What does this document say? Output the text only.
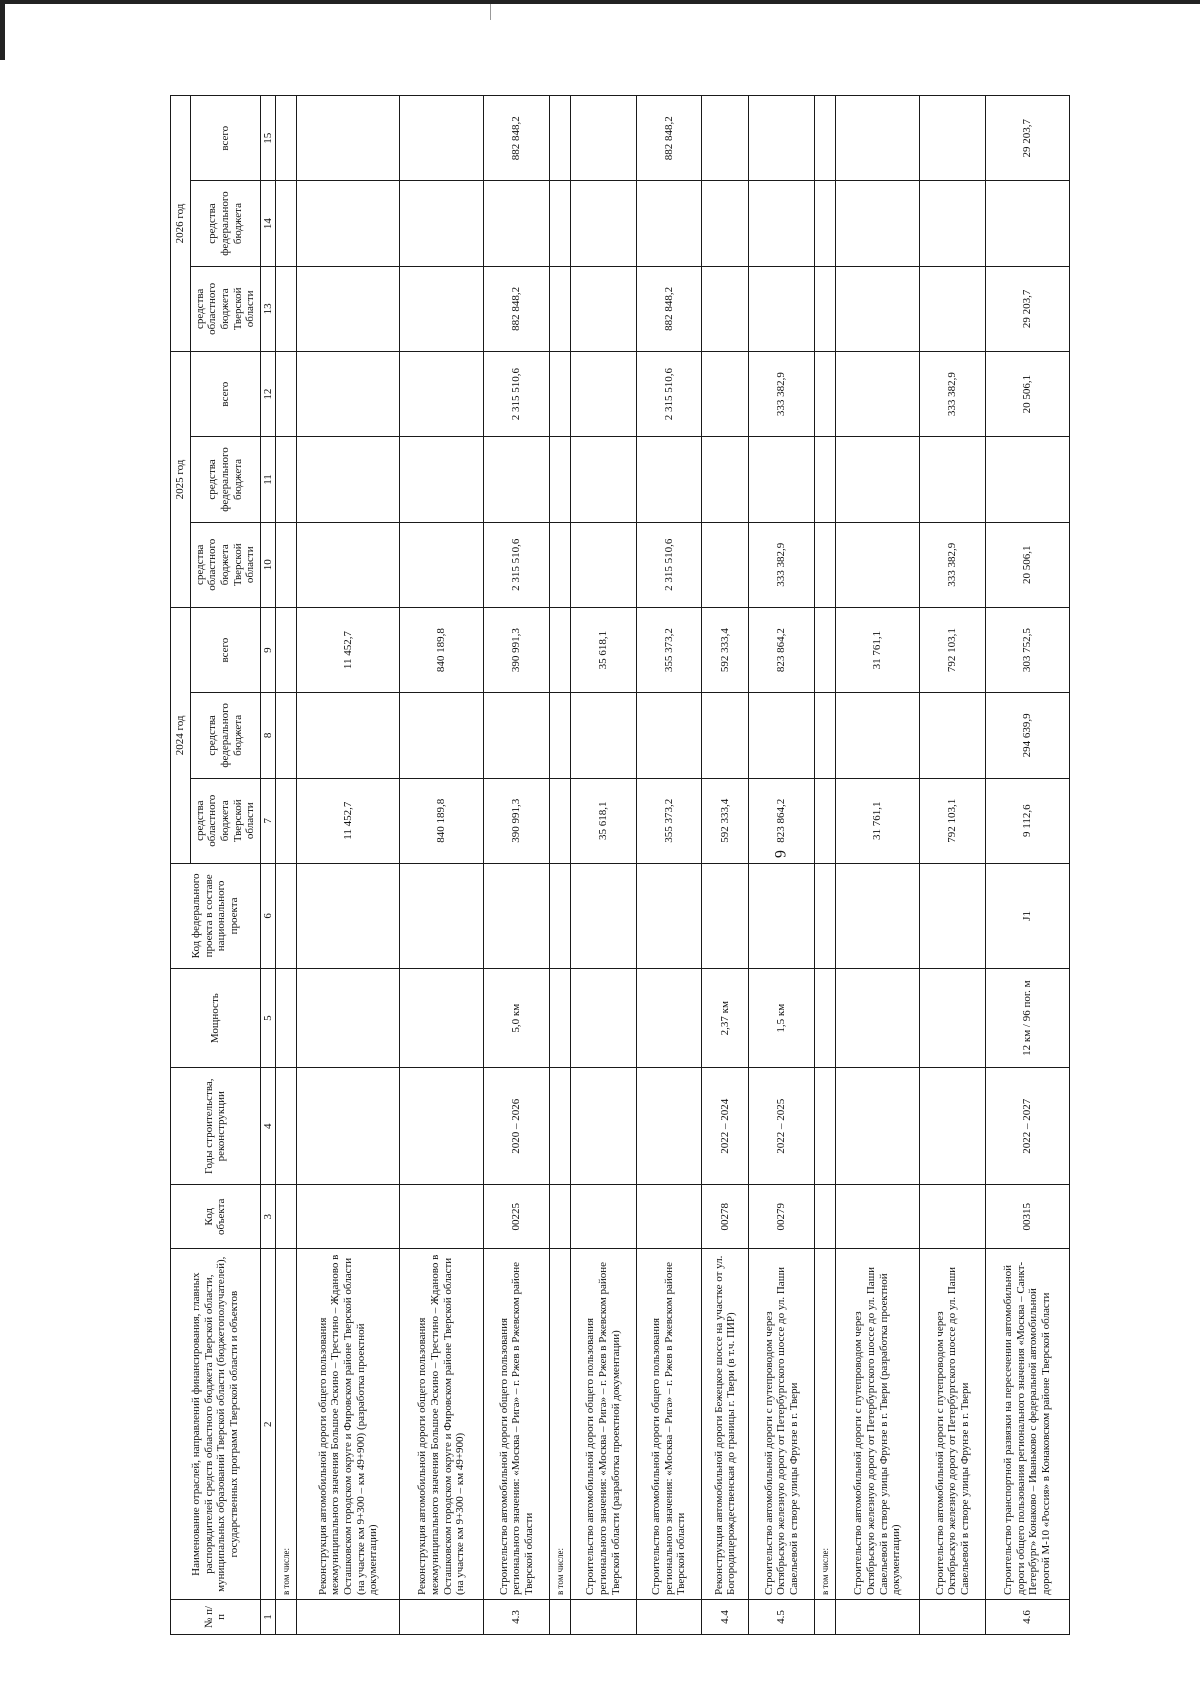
6
№ п/п	Наименование отраслей, направлений финансирования, главных распорядителей средств областного бюджета Тверской области, муниципальных образований Тверской области (бюджетополучателей), государственных программ Тверской области и объектов	Код объекта	Годы строительства, реконструкции	Мощность	Код федерального проекта в составе национального проекта	2024 год			2025 год			2026 год		
						средства областного бюджета Тверской области	средства федерального бюджета	всего	средства областного бюджета Тверской области	средства федерального бюджета	всего	средства областного бюджета Тверской области	средства федерального бюджета	всего
1	2	3	4	5	6	7	8	9	10	11	12	13	14	15
	в том числе:													
	Реконструкция автомобильной дороги общего пользования межмуниципального значения Большое Эскино – Трестино – Жданово в Осташковском городском округе и Фировском районе Тверской области (на участке км 9+300 – км 49+900) (разработка проектной документации)					11 452,7		11 452,7						
	Реконструкция автомобильной дороги общего пользования межмуниципального значения Большое Эскино – Трестино – Жданово в Осташковском городском округе и Фировском районе Тверской области (на участке км 9+300 – км 49+900)					840 189,8		840 189,8						
4.3	Строительство автомобильной дороги общего пользования регионального значения: «Москва – Рига» – г. Ржев в Ржевском районе Тверской области	00225	2020 – 2026	5,0 км		390 991,3		390 991,3	2 315 510,6		2 315 510,6	882 848,2		882 848,2
	в том числе:													
	Строительство автомобильной дороги общего пользования регионального значения: «Москва – Рига» – г. Ржев в Ржевском районе Тверской области (разработка проектной документации)					35 618,1		35 618,1						
	Строительство автомобильной дороги общего пользования регионального значения: «Москва – Рига» – г. Ржев в Ржевском районе Тверской области					355 373,2		355 373,2	2 315 510,6		2 315 510,6	882 848,2		882 848,2
4.4	Реконструкция автомобильной дороги Бежецкое шоссе на участке от ул. Богородицерождественская до границы г. Твери (в т.ч. ПИР)	00278	2022 – 2024	2,37 км		592 333,4		592 333,4						
4.5	Строительство автомобильной дороги с путепроводом через Октябрьскую железную дорогу от Петербургского шоссе до ул. Паши Савельевой в створе улицы Фрунзе в г. Твери	00279	2022 – 2025	1,5 км		823 864,2		823 864,2	333 382,9		333 382,9			
	в том числе:													
	Строительство автомобильной дороги с путепроводом через Октябрьскую железную дорогу от Петербургского шоссе до ул. Паши Савельевой в створе улицы Фрунзе в г. Твери (разработка проектной документации)					31 761,1		31 761,1						
	Строительство автомобильной дороги с путепроводом через Октябрьскую железную дорогу от Петербургского шоссе до ул. Паши Савельевой в створе улицы Фрунзе в г. Твери					792 103,1		792 103,1	333 382,9		333 382,9			
4.6	Строительство транспортной развязки на пересечении автомобильной дороги общего пользования регионального значения «Москва – Санкт-Петербург» Конаково – Иваньково с федеральной автомобильной дорогой М-10 «Россия» в Конаковском районе Тверской области	00315	2022 – 2027	12 км / 96 пог. м	J1	9 112,6	294 639,9	303 752,5	20 506,1		20 506,1	29 203,7		29 203,7
